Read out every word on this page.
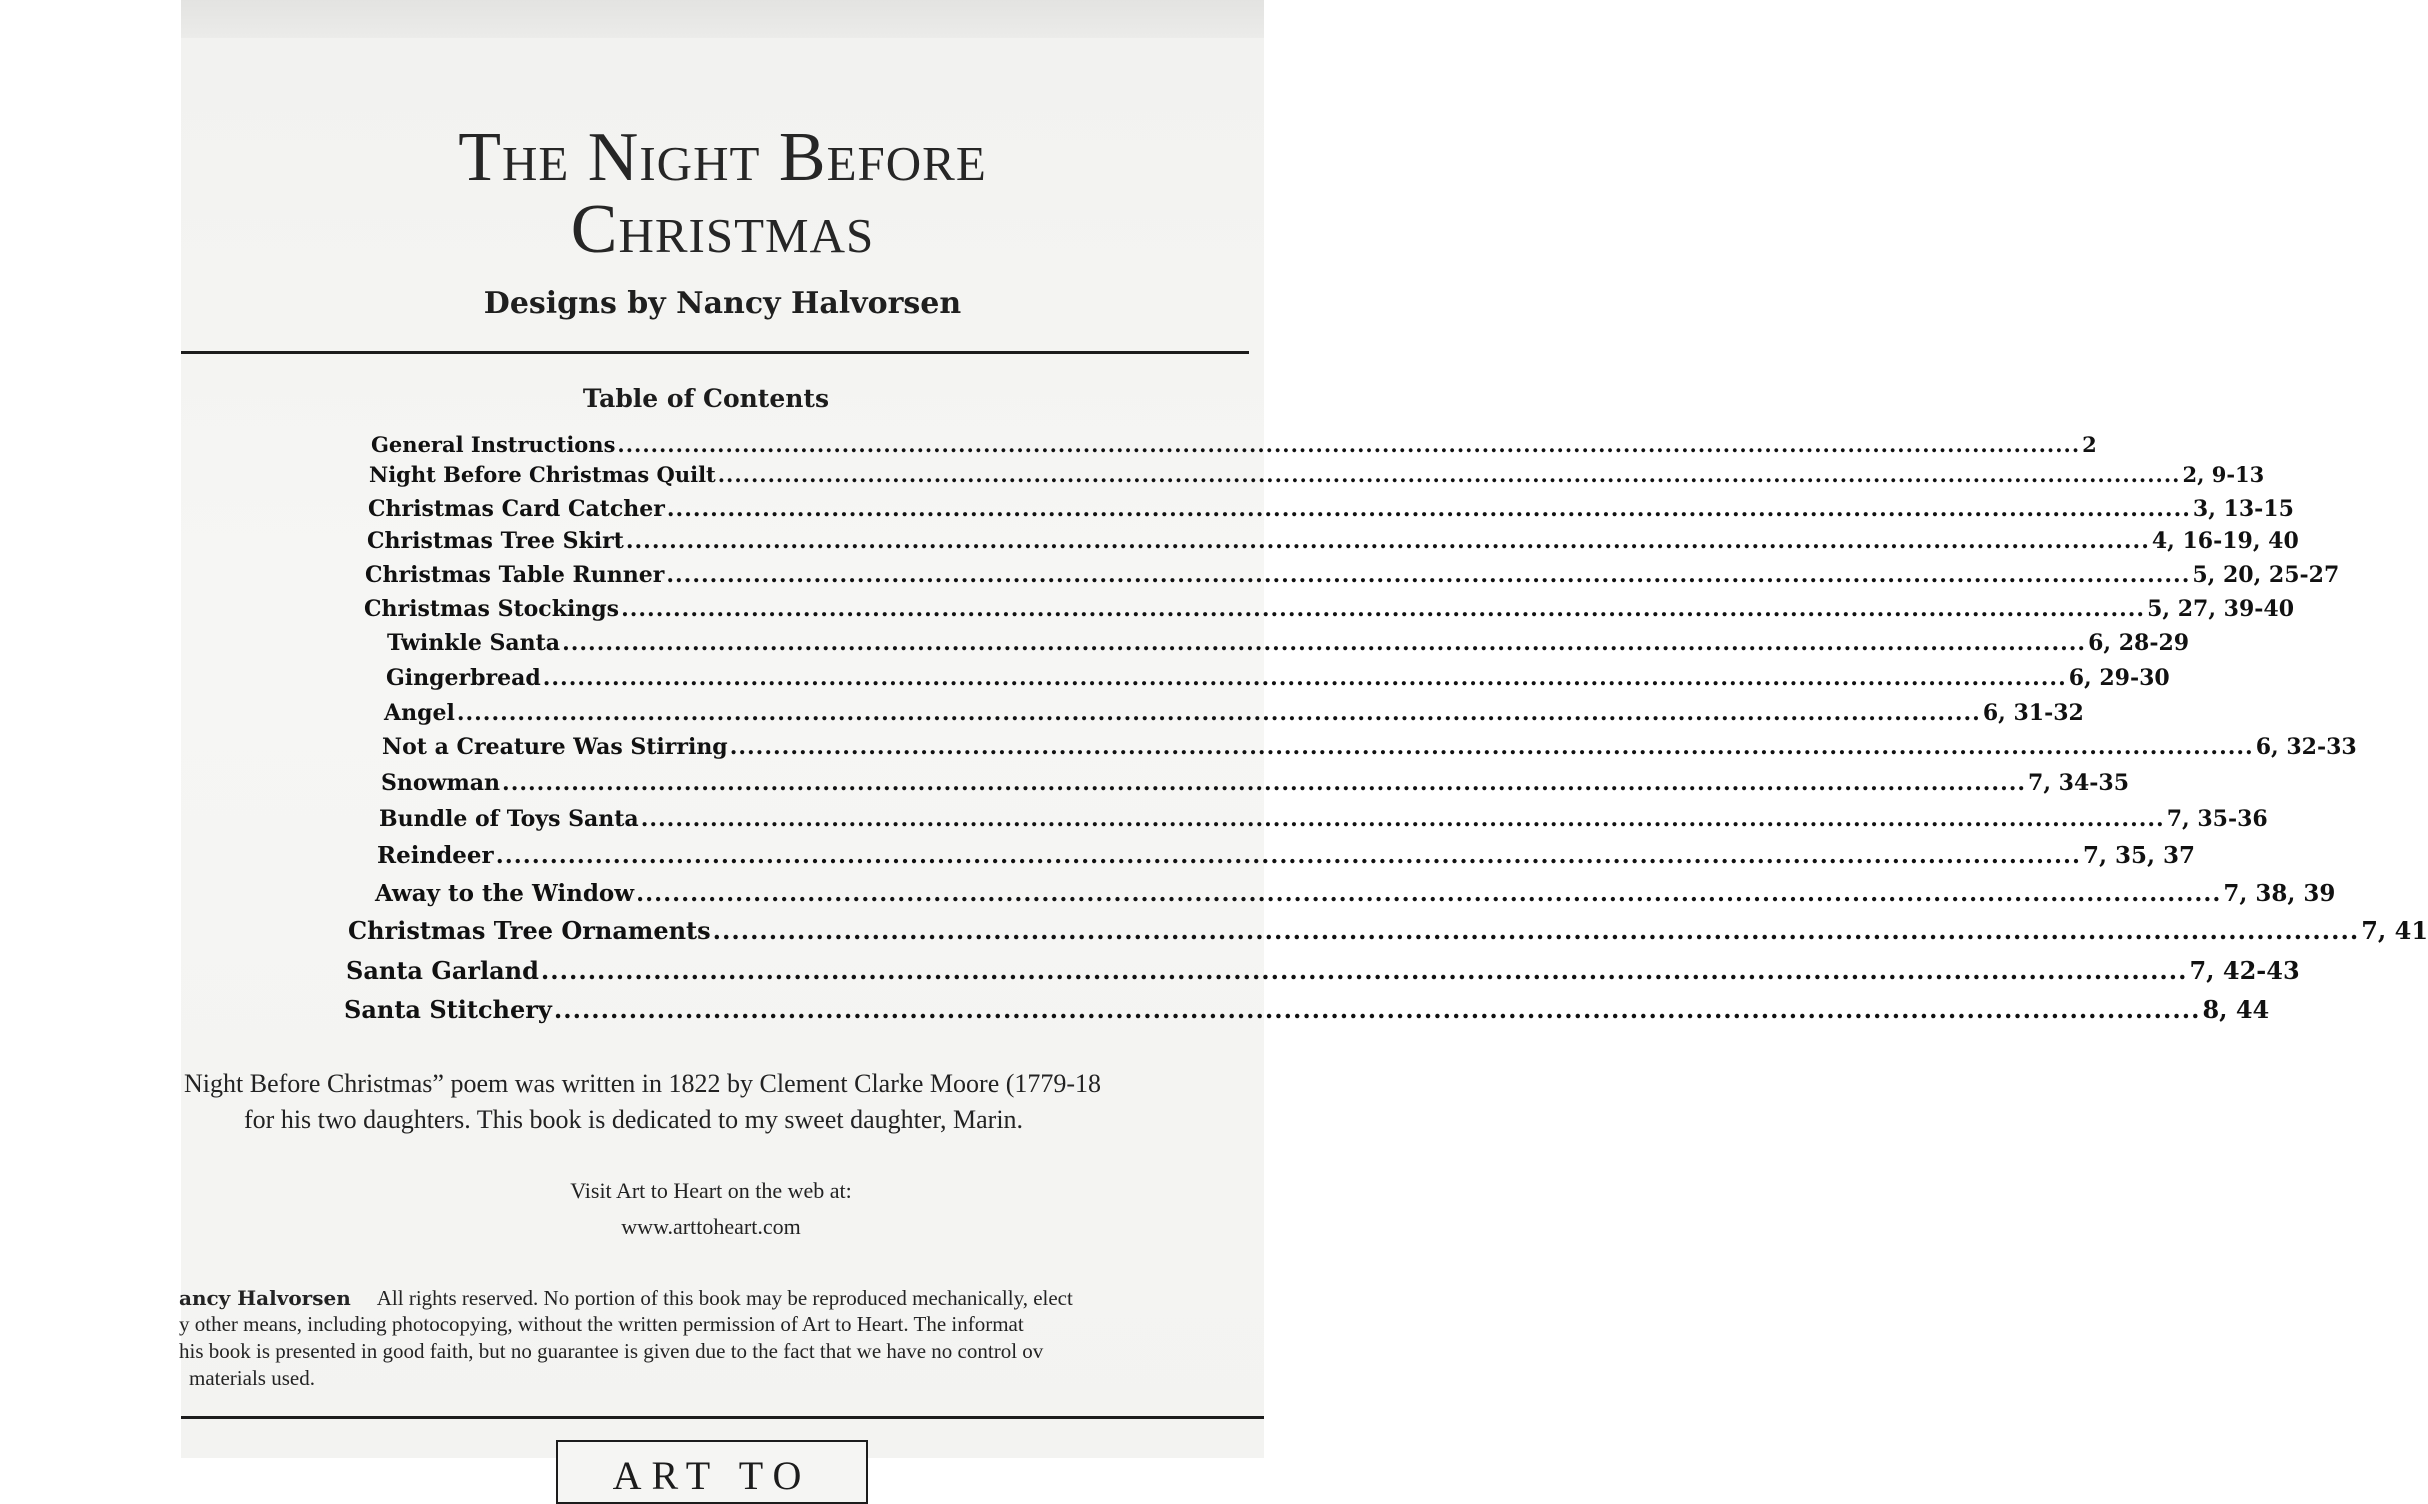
The Night Before
Christmas
Designs by Nancy Halvorsen
Table of Contents
General Instructions .....	2
Night Before Christmas Quilt .....	2, 9-13
Christmas Card Catcher .....	3, 13-15
Christmas Tree Skirt .....	4, 16-19, 40
Christmas Table Runner .....	5, 20, 25-27
Christmas Stockings .....	5, 27, 39-40
Twinkle Santa .....	6, 28-29
Gingerbread .....	6, 29-30
Angel .....	6, 31-32
Not a Creature Was Stirring .....	6, 32-33
Snowman .....	7, 34-35
Bundle of Toys Santa .....	7, 35-36
Reindeer .....	7, 35, 37
Away to the Window .....	7, 38, 39
Christmas Tree Ornaments .....	7, 41
Santa Garland .....	7, 42-43
Santa Stitchery .....	8, 44
Night Before Christmas” poem was written in 1822 by Clement Clarke Moore (1779-18
for his two daughters. This book is dedicated to my sweet daughter, Marin.
Visit Art to Heart on the web at:
www.arttoheart.com
ancy Halvorsen All rights reserved. No portion of this book may be reproduced mechanically, elect
y other means, including photocopying, without the written permission of Art to Heart. The informat
his book is presented in good faith, but no guarantee is given due to the fact that we have no control ov
materials used.
ART TO
